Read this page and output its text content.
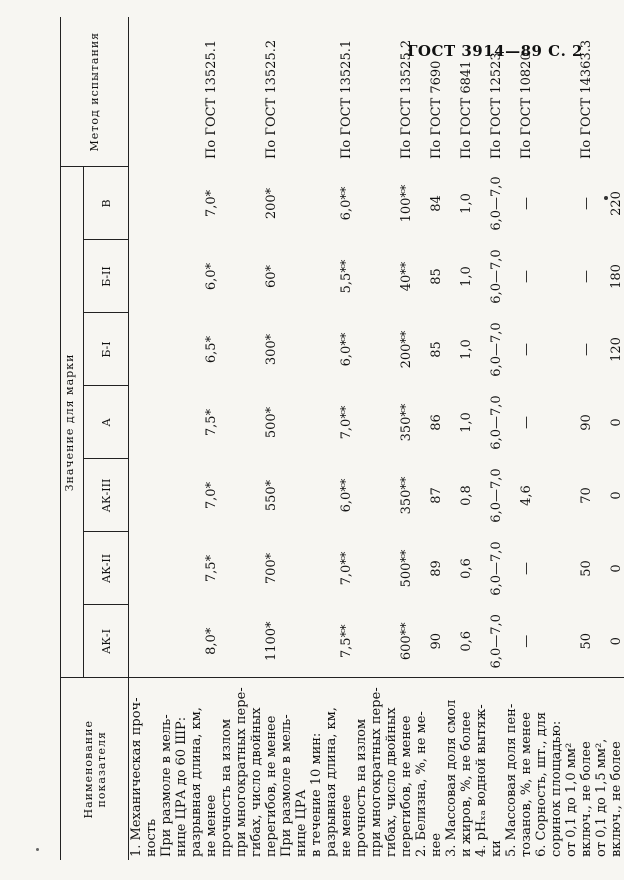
ГОСТ 3914—89 С. 2
Наименование показателя	Значение для марки							Метод испытания
	АК-I	АК-II	АК-III	А	Б-I	Б-II	В	
1. Механическая проч-								
ность								
При размоле в мель-								
нице ЦРА до 60 ШР:								
разрывная длина, км,								
не менее	8,0*	7,5*	7,0*	7,5*	6,5*	6,0*	7,0*	По ГОСТ 13525.1
прочность на излом								
при многократных пере-								
гибах, число двойных								
перегибов, не менее	1100*	700*	550*	500*	300*	60*	200*	По ГОСТ 13525.2
При размоле в мель-								
нице ЦРА								
в течение 10 мин:								
разрывная длина, км,								
не менее	7,5**	7,0**	6,0**	7,0**	6,0**	5,5**	6,0**	По ГОСТ 13525.1
прочность на излом								
при многократных пере-								
гибах, число двойных								
перегибов, не менее	600**	500**	350**	350**	200**	40**	100**	По ГОСТ 13525.2
2. Белизна, %, не ме-								
нее	90	89	87	86	85	85	84	По ГОСТ 7690
3. Массовая доля смол								
и жиров, %, не более	0,6	0,6	0,8	1,0	1,0	1,0	1,0	По ГОСТ 6841
4. pHₓₐ водной вытяж-								
ки	6,0—7,0	6,0—7,0	6,0—7,0	6,0—7,0	6,0—7,0	6,0—7,0	6,0—7,0	По ГОСТ 12523
5. Массовая доля пен-								
тозанов, %, не менее	—	—	4,6	—	—	—	—	По ГОСТ 10820
6. Сорность, шт., для								
соринок площадью:								
от 0,1 до 1,0 мм²								
включ., не более	50	50	70	90	—	—	—	По ГОСТ 14363.3
от 0,1 до 1,5 мм²,								
включ., не более	0	0	0	0	120	180	220	
